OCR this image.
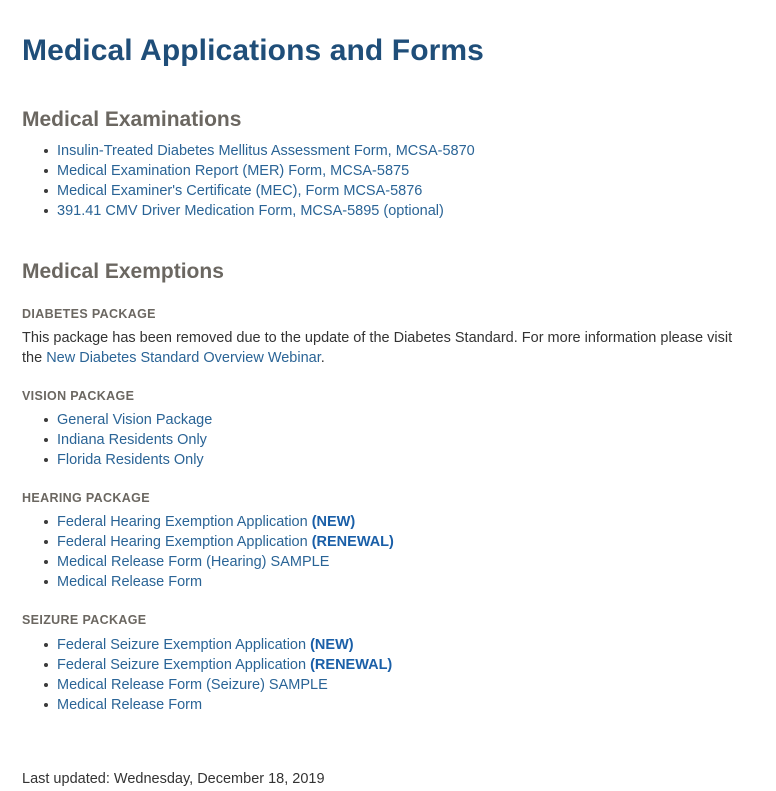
Medical Applications and Forms
Medical Examinations
Insulin-Treated Diabetes Mellitus Assessment Form, MCSA-5870
Medical Examination Report (MER) Form, MCSA-5875
Medical Examiner's Certificate (MEC), Form MCSA-5876
391.41 CMV Driver Medication Form, MCSA-5895 (optional)
Medical Exemptions
DIABETES PACKAGE

This package has been removed due to the update of the Diabetes Standard. For more information please visit the New Diabetes Standard Overview Webinar.

VISION PACKAGE
General Vision Package
Indiana Residents Only
Florida Residents Only
HEARING PACKAGE
Federal Hearing Exemption Application (NEW)
Federal Hearing Exemption Application (RENEWAL)
Medical Release Form (Hearing) SAMPLE
Medical Release Form
SEIZURE PACKAGE
Federal Seizure Exemption Application (NEW)
Federal Seizure Exemption Application (RENEWAL)
Medical Release Form (Seizure) SAMPLE
Medical Release Form
Last updated: Wednesday, December 18, 2019
